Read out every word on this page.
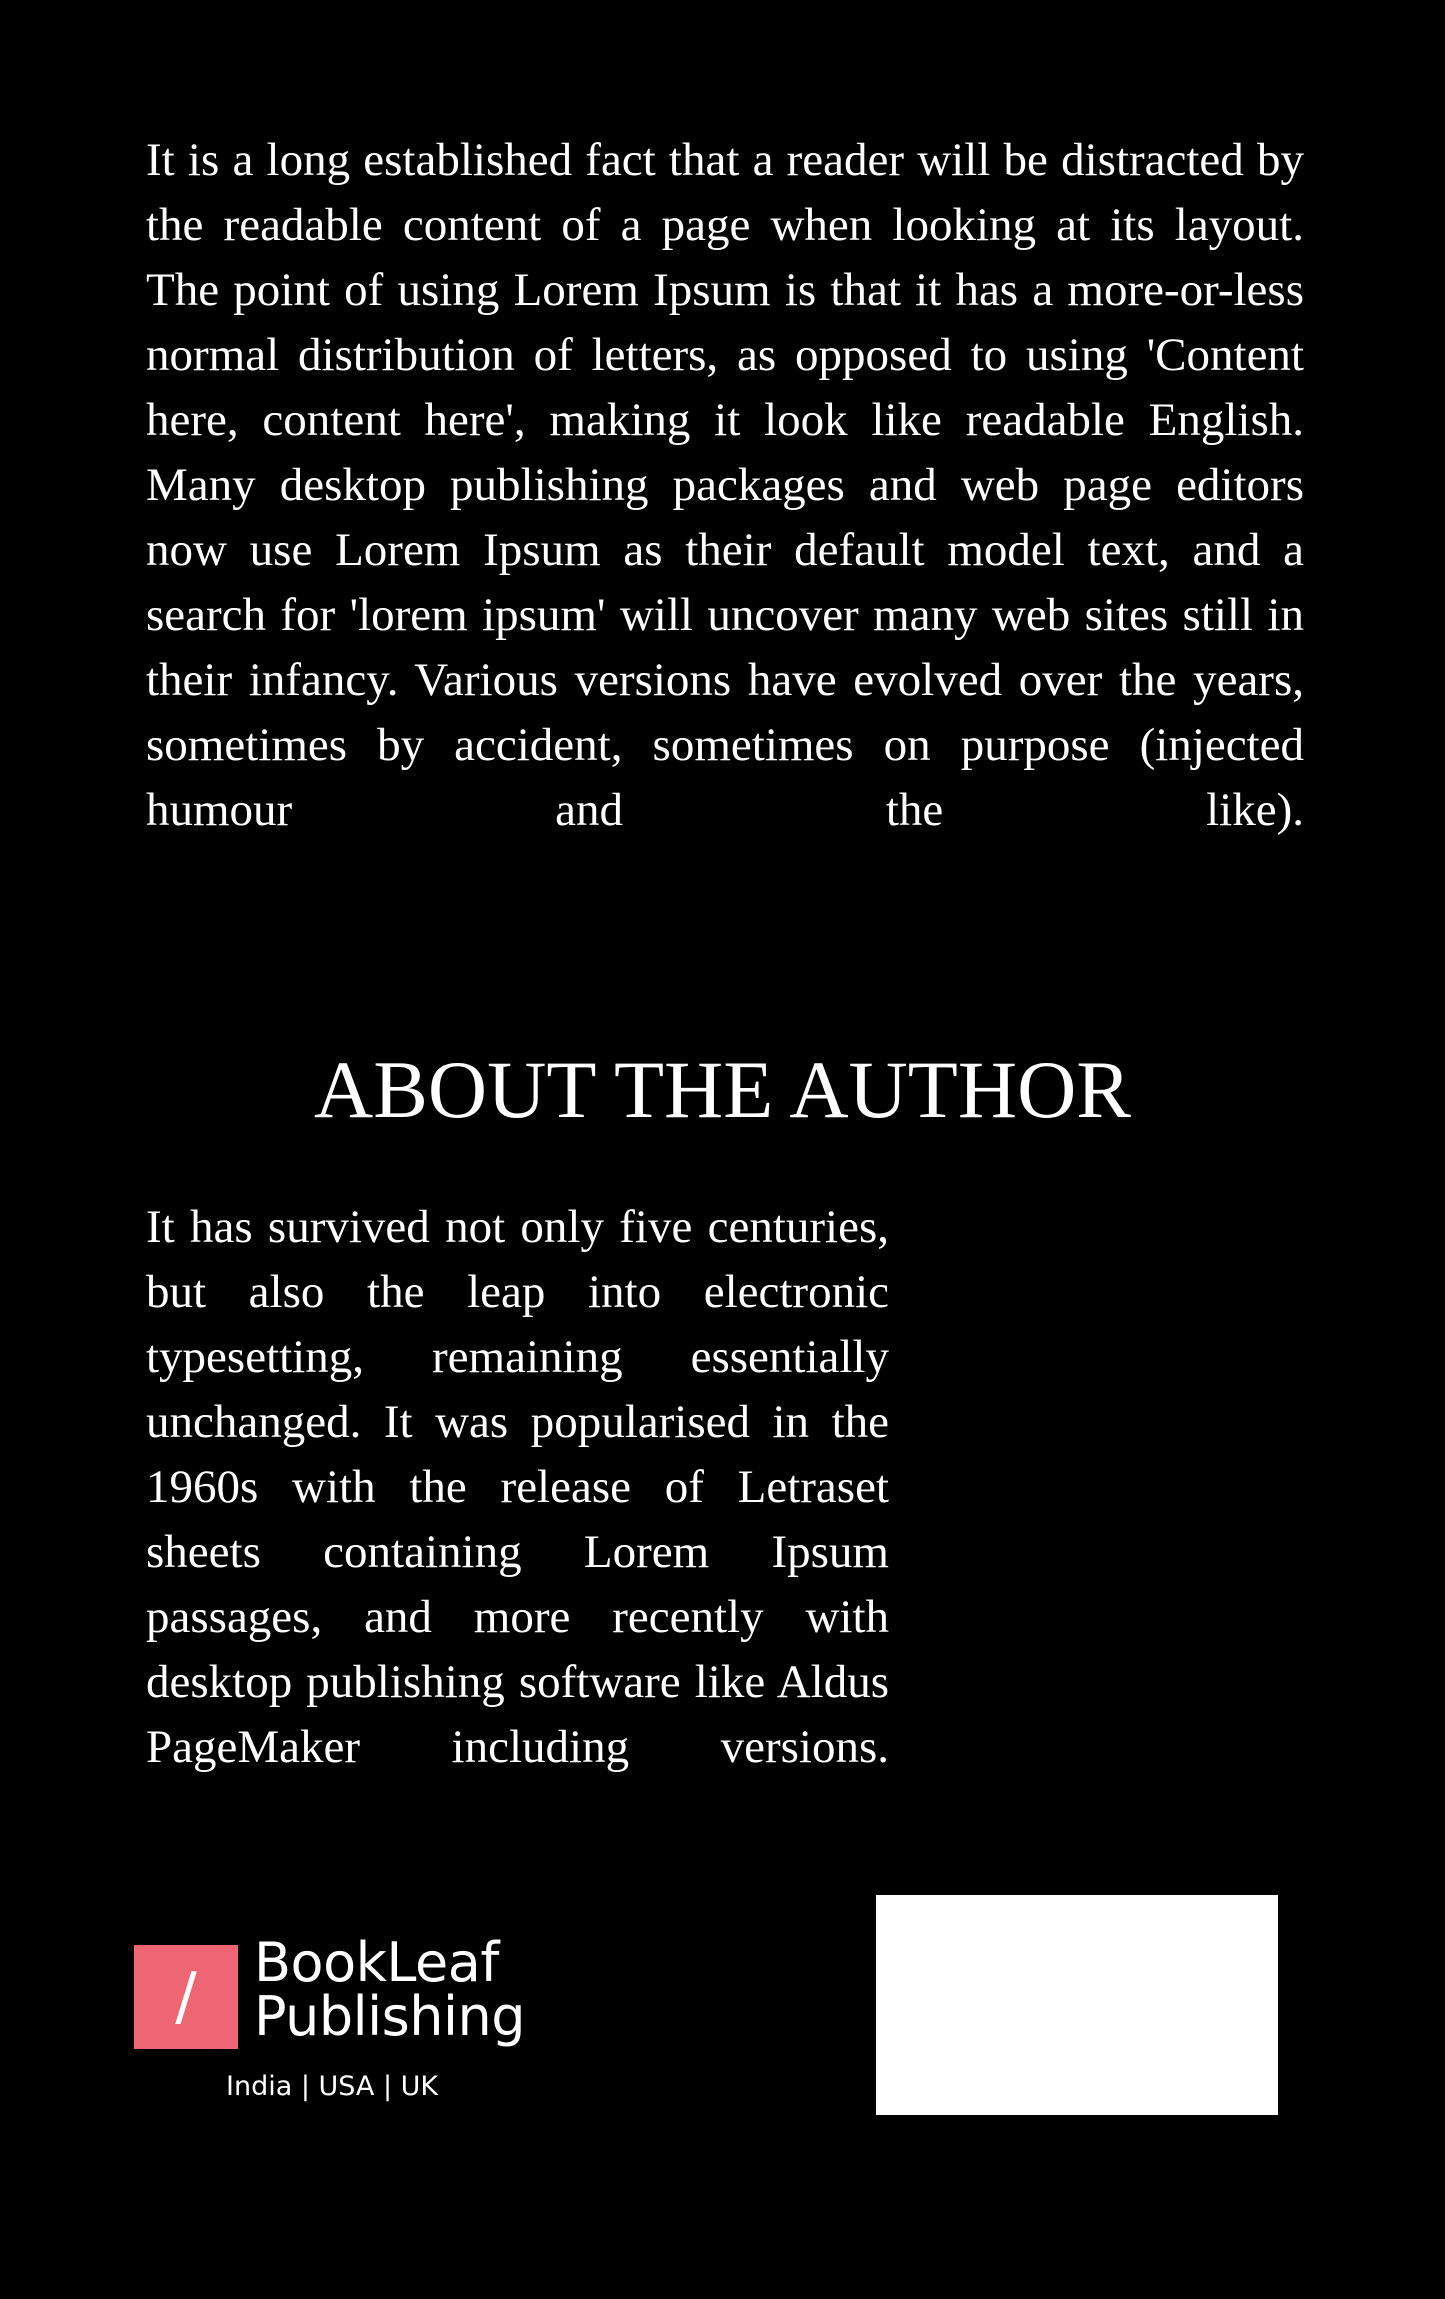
It is a long established fact that a reader will be distracted by the readable content of a page when looking at its layout. The point of using Lorem Ipsum is that it has a more-or-less normal distribution of letters, as opposed to using 'Content here, content here', making it look like readable English. Many desktop publishing packages and web page editors now use Lorem Ipsum as their default model text, and a search for 'lorem ipsum' will uncover many web sites still in their infancy. Various versions have evolved over the years, sometimes by accident, sometimes on purpose (injected humour and the like).

ABOUT THE AUTHOR

It has survived not only five centuries, but also the leap into electronic typesetting, remaining essentially unchanged. It was popularised in the 1960s with the release of Letraset sheets containing Lorem Ipsum passages, and more recently with desktop publishing software like Aldus PageMaker including versions.

/	BookLeaf
Publishing
India | USA | UK
